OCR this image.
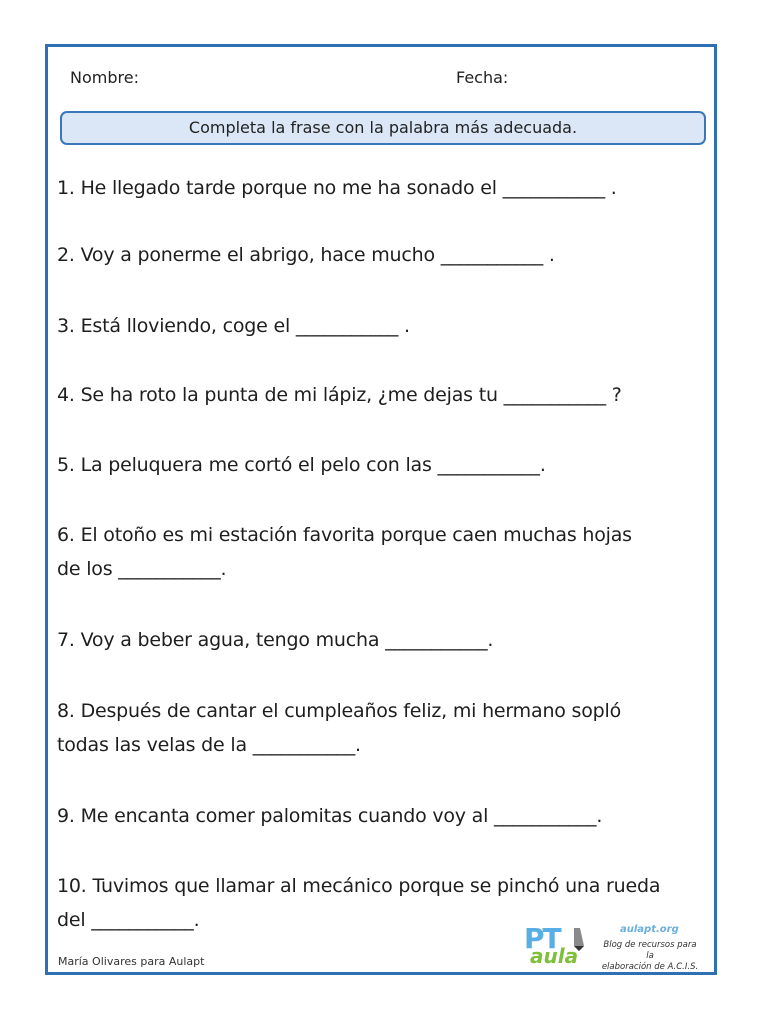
Nombre:	Fecha:
Completa la frase con la palabra más adecuada.
1. He llegado tarde porque no me ha sonado el ___________ .
2. Voy a ponerme el abrigo, hace mucho ___________ .
3. Está lloviendo, coge el ___________ .
4. Se ha roto la punta de mi lápiz, ¿me dejas tu ___________ ?
5. La peluquera me cortó el pelo con las ___________.
6. El otoño es mi estación favorita porque caen muchas hojas
de los ___________.
7. Voy a beber agua, tengo mucha ___________.
8. Después de cantar el cumpleaños feliz, mi hermano sopló
todas las velas de la ___________.
9. Me encanta comer palomitas cuando voy al ___________.
10. Tuvimos que llamar al mecánico porque se pinchó una rueda
del ___________.
María Olivares para Aulapt
PT
aula
aulapt.org
Blog de recursos para la
elaboración de A.C.I.S.
